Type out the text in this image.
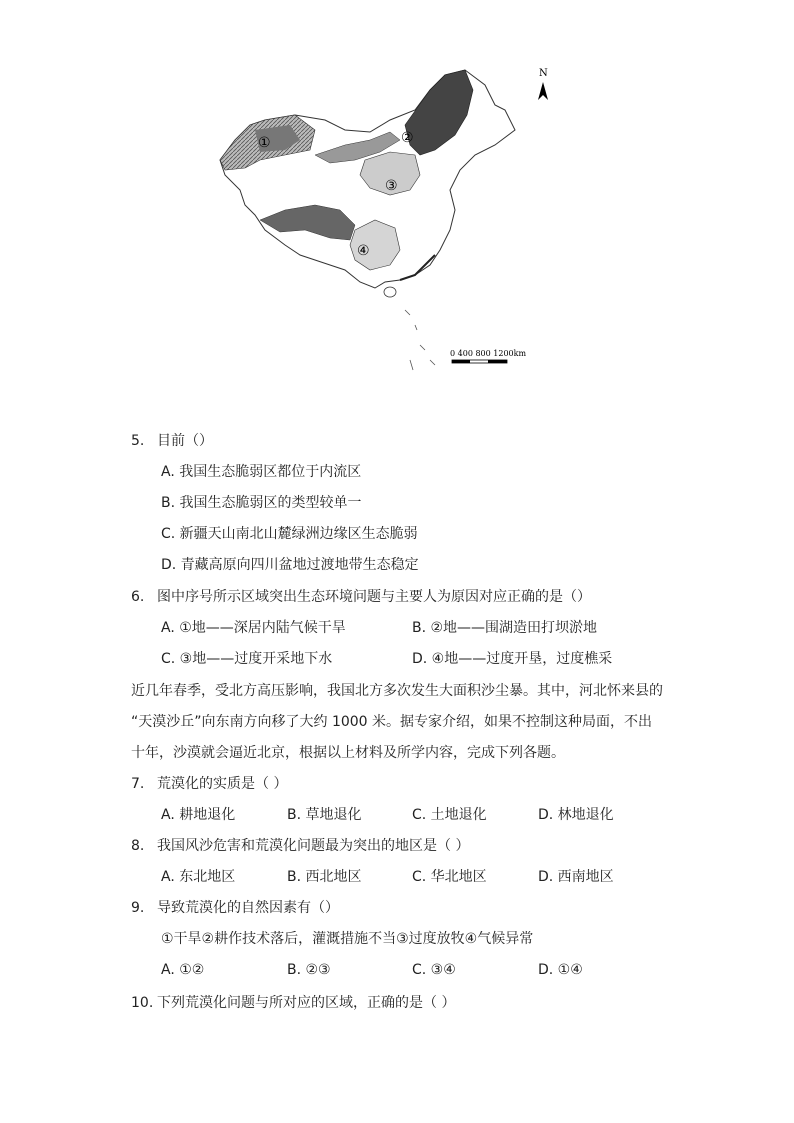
①	②
③
④
N
0 400 800 1200km
5. 目前（）
A. 我国生态脆弱区都位于内流区
B. 我国生态脆弱区的类型较单一
C. 新疆天山南北山麓绿洲边缘区生态脆弱
D. 青藏高原向四川盆地过渡地带生态稳定
6. 图中序号所示区域突出生态环境问题与主要人为原因对应正确的是（）
A. ①地——深居内陆气候干旱	B. ②地——围湖造田打坝淤地
C. ③地——过度开采地下水	D. ④地——过度开垦，过度樵采
近几年春季，受北方高压影响，我国北方多次发生大面积沙尘暴。其中，河北怀来县的
“天漠沙丘”向东南方向移了大约 1000 米。据专家介绍，如果不控制这种局面，不出
十年，沙漠就会逼近北京，根据以上材料及所学内容，完成下列各题。
7. 荒漠化的实质是（ ）
A. 耕地退化	B. 草地退化	C. 土地退化	D. 林地退化
8. 我国风沙危害和荒漠化问题最为突出的地区是（ ）
A. 东北地区	B. 西北地区	C. 华北地区	D. 西南地区
9. 导致荒漠化的自然因素有（）
①干旱②耕作技术落后，灌溉措施不当③过度放牧④气候异常
A. ①②	B. ②③	C. ③④	D. ①④
10. 下列荒漠化问题与所对应的区域，正确的是（ ）
